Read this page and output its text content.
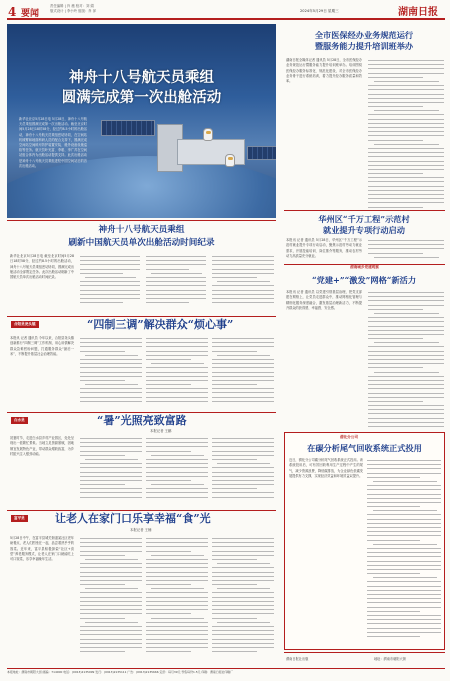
4 要闻
责任编辑 | 肖 薇 校对：刘 娟
版式设计 | 李小玲 组版：肖 萍	2024年5月29日 星期三	湖南日报
神舟十八号航天员乘组
圆满完成第一次出舱活动
新华社北京5月28日电 5月28日，神舟十八号航天员乘组圆满完成第一次出舱活动。截至北京时间5月28日18时58分，经过约8.5小时的出舱活动，神舟十八号航天员乘组密切协同，在空间站机械臂和地面科研人员的配合支持下，圆满完成空间站空间碎片防护装置安装、舱外设备设施巡检等任务。航天员叶光富、李聪、李广苏在空间站组合体内为出舱活动提供支持。此次出舱活动是神舟十八号航天员乘组进驻中国空间站后的首次出舱活动。
神舟十八号航天员乘组
刷新中国航天员单次出舱活动时间纪录
新华社北京5月28日电 截至北京时间5月28日18时58分，经过约8.5小时的出舱活动，神舟十八号航天员乘组密切协同，圆满完成出舱活动全部既定任务。此次出舱活动刷新了中国航天员单次出舱活动时间纪录。
全市医保经办业务规范运行
暨服务能力提升培训班举办
湖南日报全媒体记者 通讯员 5月28日，全市医保经办业务规范运行暨服务能力提升培训班举办。培训围绕医保经办服务标准化、规范化建设，对全市医保经办业务骨干进行系统培训，着力提升经办服务质量和效率。
华州区“千万工程”示范村
就业提升专项行动启动
本报讯 记者 通讯员 5月28日，华州区“千万工程”示范村就业提升专项行动启动，聚焦示范村劳动力就业需求，开展技能培训、岗位推介等服务，推动农村劳动力高质量充分就业。
渭南城乡党建观察
“党建+”“激发”网格“新活力
本报讯 记者 通讯员 以党建引领基层治理，把党支部建在网格上，让党员走进群众中，推动网格化管理与精细化服务深度融合，激发基层治理新活力，不断提升群众的获得感、幸福感、安全感。
合阳县尧头镇	“四制三调”解决群众“烦心事”
本报讯 记者 通讯员 今年以来，合阳县尧头镇创新推行“四制三调”工作机制，用心用情解决群众急难愁盼问题，打通服务群众“最后一米”，不断提升基层社会治理效能。
白水县	“暑”光照亮致富路
本报记者 王鹏
初夏时节，走进白水县乡村产业园区，处处呈现出一派繁忙景象。当地立足资源禀赋，因地制宜发展特色产业，带动群众增收致富，为乡村振兴注入强劲动能。
富平县	让老人在家门口乐享幸福“食”光
本报记者 王楠
5月28日中午，在富平县城关街道某社区老年助餐点，老人们围坐在一起，品尝着热乎乎的饭菜。近年来，富平县积极探索“社区+食堂”养老服务模式，让老人在家门口就能吃上可口饭菜，乐享幸福晚年生活。
渭化分公司
在碳分析尾气回收系统正式投用
近日，渭化分公司碳分析尾气回收系统正式投用。该系统投用后，可有效回收利用生产过程中产生的尾气，减少资源浪费，降低碳排放，为企业绿色低碳发展提供有力支撑，实现经济效益和环境效益双提升。
渭南日报社出版	地址：渭南市朝阳大街
本报地址：渭南市朝阳大街 邮编：714000 电话：(0913)2135999 发行：(0913)2135111 广告：(0913)2135666 定价：每月39元 零售每份1.5元 印刷：渭南日报社印刷厂
